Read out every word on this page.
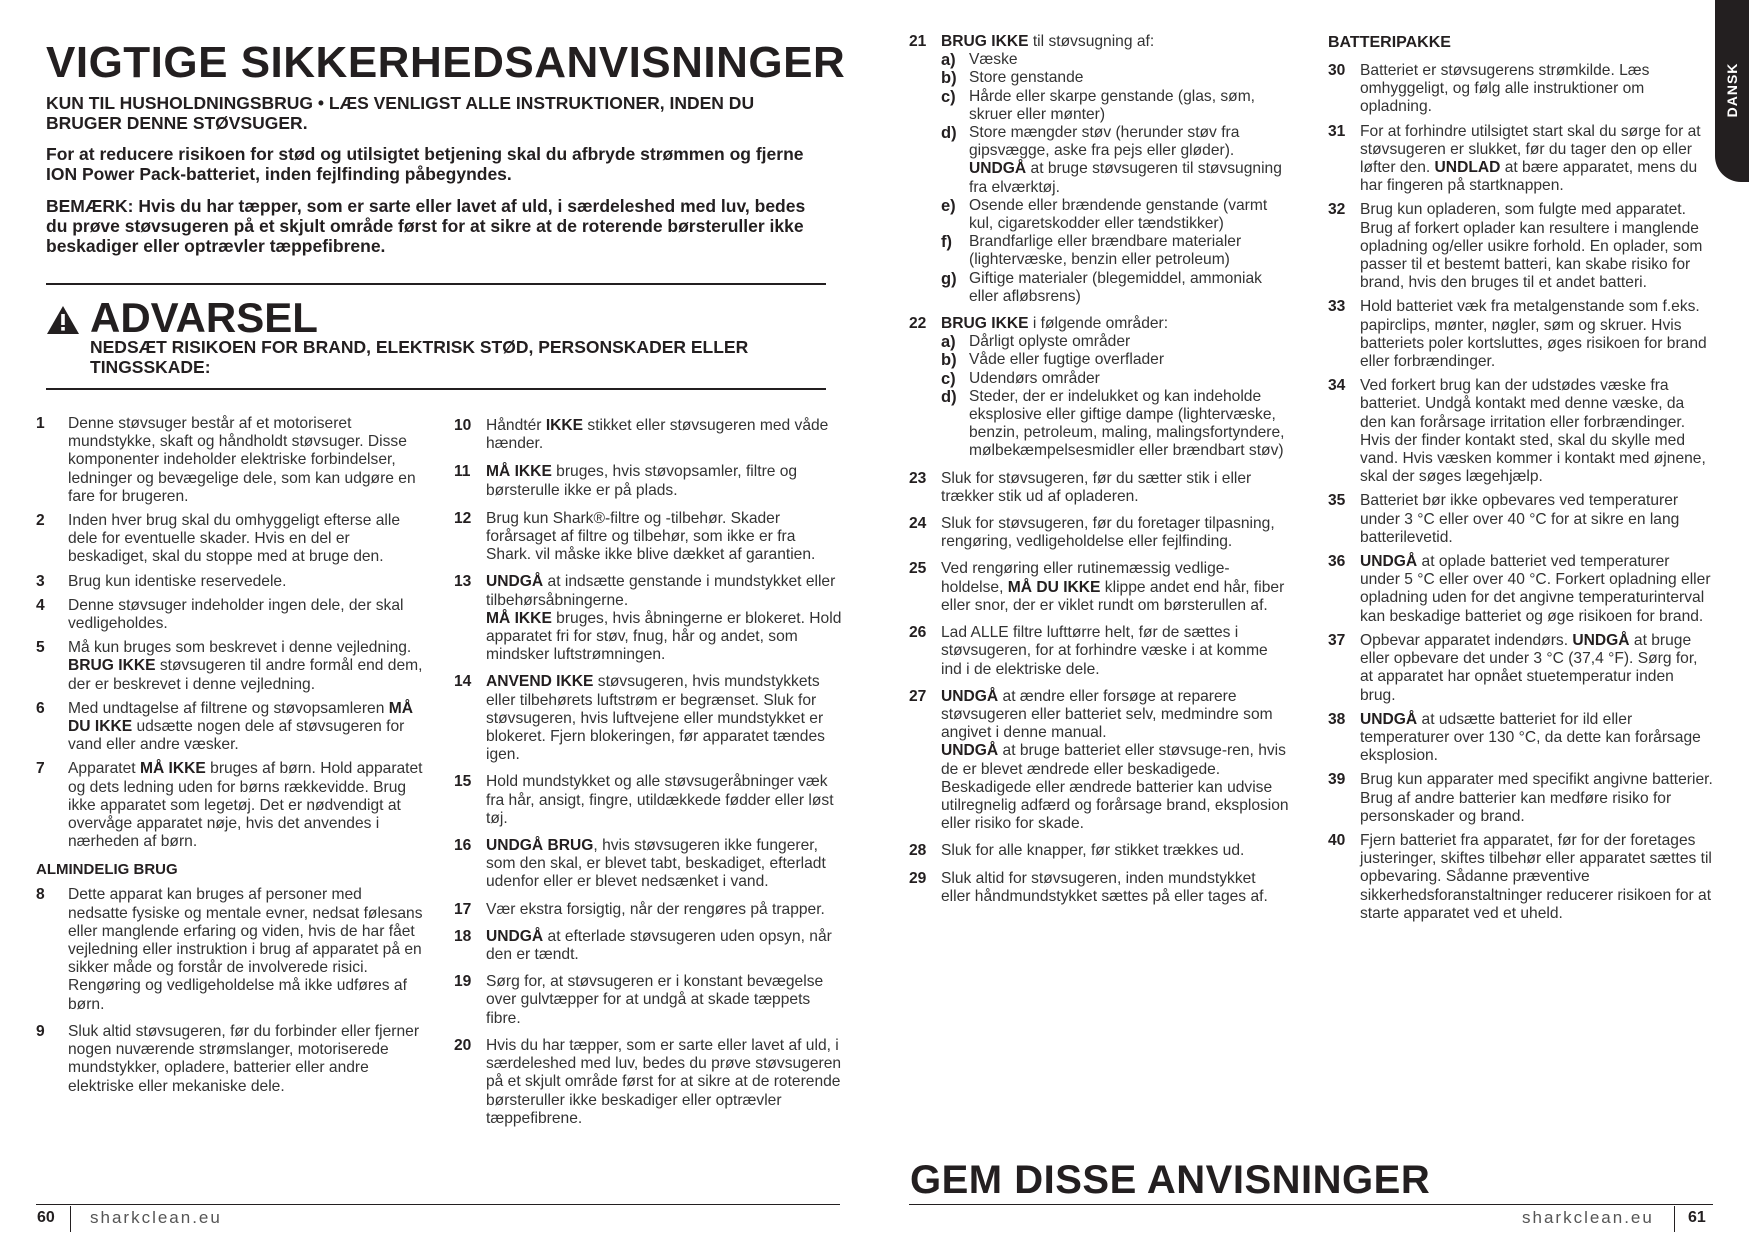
VIGTIGE SIKKERHEDSANVISNINGER
KUN TIL HUSHOLDNINGSBRUG • LÆS VENLIGST ALLE INSTRUKTIONER, INDEN DU BRUGER DENNE STØVSUGER.
For at reducere risikoen for stød og utilsigtet betjening skal du afbryde strømmen og fjerne ION Power Pack-batteriet, inden fejlfinding påbegyndes.
BEMÆRK: Hvis du har tæpper, som er sarte eller lavet af uld, i særdeleshed med luv, bedes du prøve støvsugeren på et skjult område først for at sikre at de roterende børsteruller ikke beskadiger eller optrævler tæppefibrene.
ADVARSEL
NEDSÆT RISIKOEN FOR BRAND, ELEKTRISK STØD, PERSONSKADER ELLER TINGSSKADE:
1 Denne støvsuger består af et motoriseret mundstykke, skaft og håndholdt støvsuger. Disse komponenter indeholder elektriske forbindelser, ledninger og bevægelige dele, som kan udgøre en fare for brugeren.
2 Inden hver brug skal du omhyggeligt efterse alle dele for eventuelle skader. Hvis en del er beskadiget, skal du stoppe med at bruge den.
3 Brug kun identiske reservedele.
4 Denne støvsuger indeholder ingen dele, der skal vedligeholdes.
5 Må kun bruges som beskrevet i denne vejledning.
BRUG IKKE støvsugeren til andre formål end dem, der er beskrevet i denne vejledning.
6 Med undtagelse af filtrene og støvopsamleren MÅ DU IKKE udsætte nogen dele af støvsugeren for vand eller andre væsker.
7 Apparatet MÅ IKKE bruges af børn. Hold apparatet og dets ledning uden for børns rækkevidde. Brug ikke apparatet som legetøj. Det er nødvendigt at overvåge apparatet nøje, hvis det anvendes i nærheden af børn.
ALMINDELIG BRUG
8 Dette apparat kan bruges af personer med nedsatte fysiske og mentale evner, nedsat følesans eller manglende erfaring og viden, hvis de har fået vejledning eller instruktion i brug af apparatet på en sikker måde og forstår de involverede risici. Rengøring og vedligeholdelse må ikke udføres af børn.
9 Sluk altid støvsugeren, før du forbinder eller fjerner nogen nuværende strømslanger, motoriserede mundstykker, opladere, batterier eller andre elektriske eller mekaniske dele.
10 Håndtér IKKE stikket eller støvsugeren med våde hænder.
11 MÅ IKKE bruges, hvis støvopsamler, filtre og børsterulle ikke er på plads.
12 Brug kun Shark®-filtre og -tilbehør. Skader forårsaget af filtre og tilbehør, som ikke er fra Shark. vil måske ikke blive dækket af garantien.
13 UNDGÅ at indsætte genstande i mundstykket eller tilbehørsåbningerne.
MÅ IKKE bruges, hvis åbningerne er blokeret. Hold apparatet fri for støv, fnug, hår og andet, som mindsker luftstrømningen.
14 ANVEND IKKE støvsugeren, hvis mundstykkets eller tilbehørets luftstrøm er begrænset. Sluk for støvsugeren, hvis luftvejene eller mundstykket er blokeret. Fjern blokeringen, før apparatet tændes igen.
15 Hold mundstykket og alle støvsugeråbninger væk fra hår, ansigt, fingre, utildækkede fødder eller løst tøj.
16 UNDGÅ BRUG, hvis støvsugeren ikke fungerer, som den skal, er blevet tabt, beskadiget, efterladt udenfor eller er blevet nedsænket i vand.
17 Vær ekstra forsigtig, når der rengøres på trapper.
18 UNDGÅ at efterlade støvsugeren uden opsyn, når den er tændt.
19 Sørg for, at støvsugeren er i konstant bevægelse over gulvtæpper for at undgå at skade tæppets fibre.
20 Hvis du har tæpper, som er sarte eller lavet af uld, i særdeleshed med luv, bedes du prøve støvsugeren på et skjult område først for at sikre at de roterende børsteruller ikke beskadiger eller optrævler tæppefibrene.
21 BRUG IKKE til støvsugning af:
a) Væske
b) Store genstande
c) Hårde eller skarpe genstande (glas, søm, skruer eller mønter)
d) Store mængder støv (herunder støv fra gipsvægge, aske fra pejs eller gløder). UNDGÅ at bruge støvsugeren til støvsugning fra elværktøj.
e) Osende eller brændende genstande (varmt kul, cigaretskodder eller tændstikker)
f) Brandfarlige eller brændbare materialer (lightervæske, benzin eller petroleum)
g) Giftige materialer (blegemiddel, ammoniak eller afløbsrens)
22 BRUG IKKE i følgende områder:
a) Dårligt oplyste områder
b) Våde eller fugtige overflader
c) Udendørs områder
d) Steder, der er indelukket og kan indeholde eksplosive eller giftige dampe (lightervæske, benzin, petroleum, maling, malingsfortyndere, mølbekæmpelsesmidler eller brændbart støv)
23 Sluk for støvsugeren, før du sætter stik i eller trækker stik ud af opladeren.
24 Sluk for støvsugeren, før du foretager tilpasning, rengøring, vedligeholdelse eller fejlfinding.
25 Ved rengøring eller rutinemæssig vedlige-holdelse, MÅ DU IKKE klippe andet end hår, fiber eller snor, der er viklet rundt om børsterullen af.
26 Lad ALLE filtre lufttørre helt, før de sættes i støvsugeren, for at forhindre væske i at komme ind i de elektriske dele.
27 UNDGÅ at ændre eller forsøge at reparere støvsugeren eller batteriet selv, medmindre som angivet i denne manual.
UNDGÅ at bruge batteriet eller støvsuge-ren, hvis de er blevet ændrede eller beskadigede. Beskadigede eller ændrede batterier kan udvise utilregnelig adfærd og forårsage brand, eksplosion eller risiko for skade.
28 Sluk for alle knapper, før stikket trækkes ud.
29 Sluk altid for støvsugeren, inden mundstykket eller håndmundstykket sættes på eller tages af.
BATTERIPAKKE
30 Batteriet er støvsugerens strømkilde. Læs omhyggeligt, og følg alle instruktioner om opladning.
31 For at forhindre utilsigtet start skal du sørge for at støvsugeren er slukket, før du tager den op eller løfter den. UNDLAD at bære apparatet, mens du har fingeren på startknappen.
32 Brug kun opladeren, som fulgte med apparatet. Brug af forkert oplader kan resultere i manglende opladning og/eller usikre forhold. En oplader, som passer til et bestemt batteri, kan skabe risiko for brand, hvis den bruges til et andet batteri.
33 Hold batteriet væk fra metalgenstande som f.eks. papirclips, mønter, nøgler, søm og skruer. Hvis batteriets poler kortsluttes, øges risikoen for brand eller forbrændinger.
34 Ved forkert brug kan der udstødes væske fra batteriet. Undgå kontakt med denne væske, da den kan forårsage irritation eller forbrændinger. Hvis der finder kontakt sted, skal du skylle med vand. Hvis væsken kommer i kontakt med øjnene, skal der søges lægehjælp.
35 Batteriet bør ikke opbevares ved temperaturer under 3 °C eller over 40 °C for at sikre en lang batterilevetid.
36 UNDGÅ at oplade batteriet ved temperaturer under 5 °C eller over 40 °C. Forkert opladning eller opladning uden for det angivne temperaturinterval kan beskadige batteriet og øge risikoen for brand.
37 Opbevar apparatet indendørs. UNDGÅ at bruge eller opbevare det under 3 °C (37,4 °F). Sørg for, at apparatet har opnået stuetemperatur inden brug.
38 UNDGÅ at udsætte batteriet for ild eller temperaturer over 130 °C, da dette kan forårsage eksplosion.
39 Brug kun apparater med specifikt angivne batterier. Brug af andre batterier kan medføre risiko for personskader og brand.
40 Fjern batteriet fra apparatet, før for der foretages justeringer, skiftes tilbehør eller apparatet sættes til opbevaring. Sådanne præventive sikkerhedsforanstaltninger reducerer risikoen for at starte apparatet ved et uheld.
GEM DISSE ANVISNINGER
60 sharkclean.eu	sharkclean.eu 61
DANSK
